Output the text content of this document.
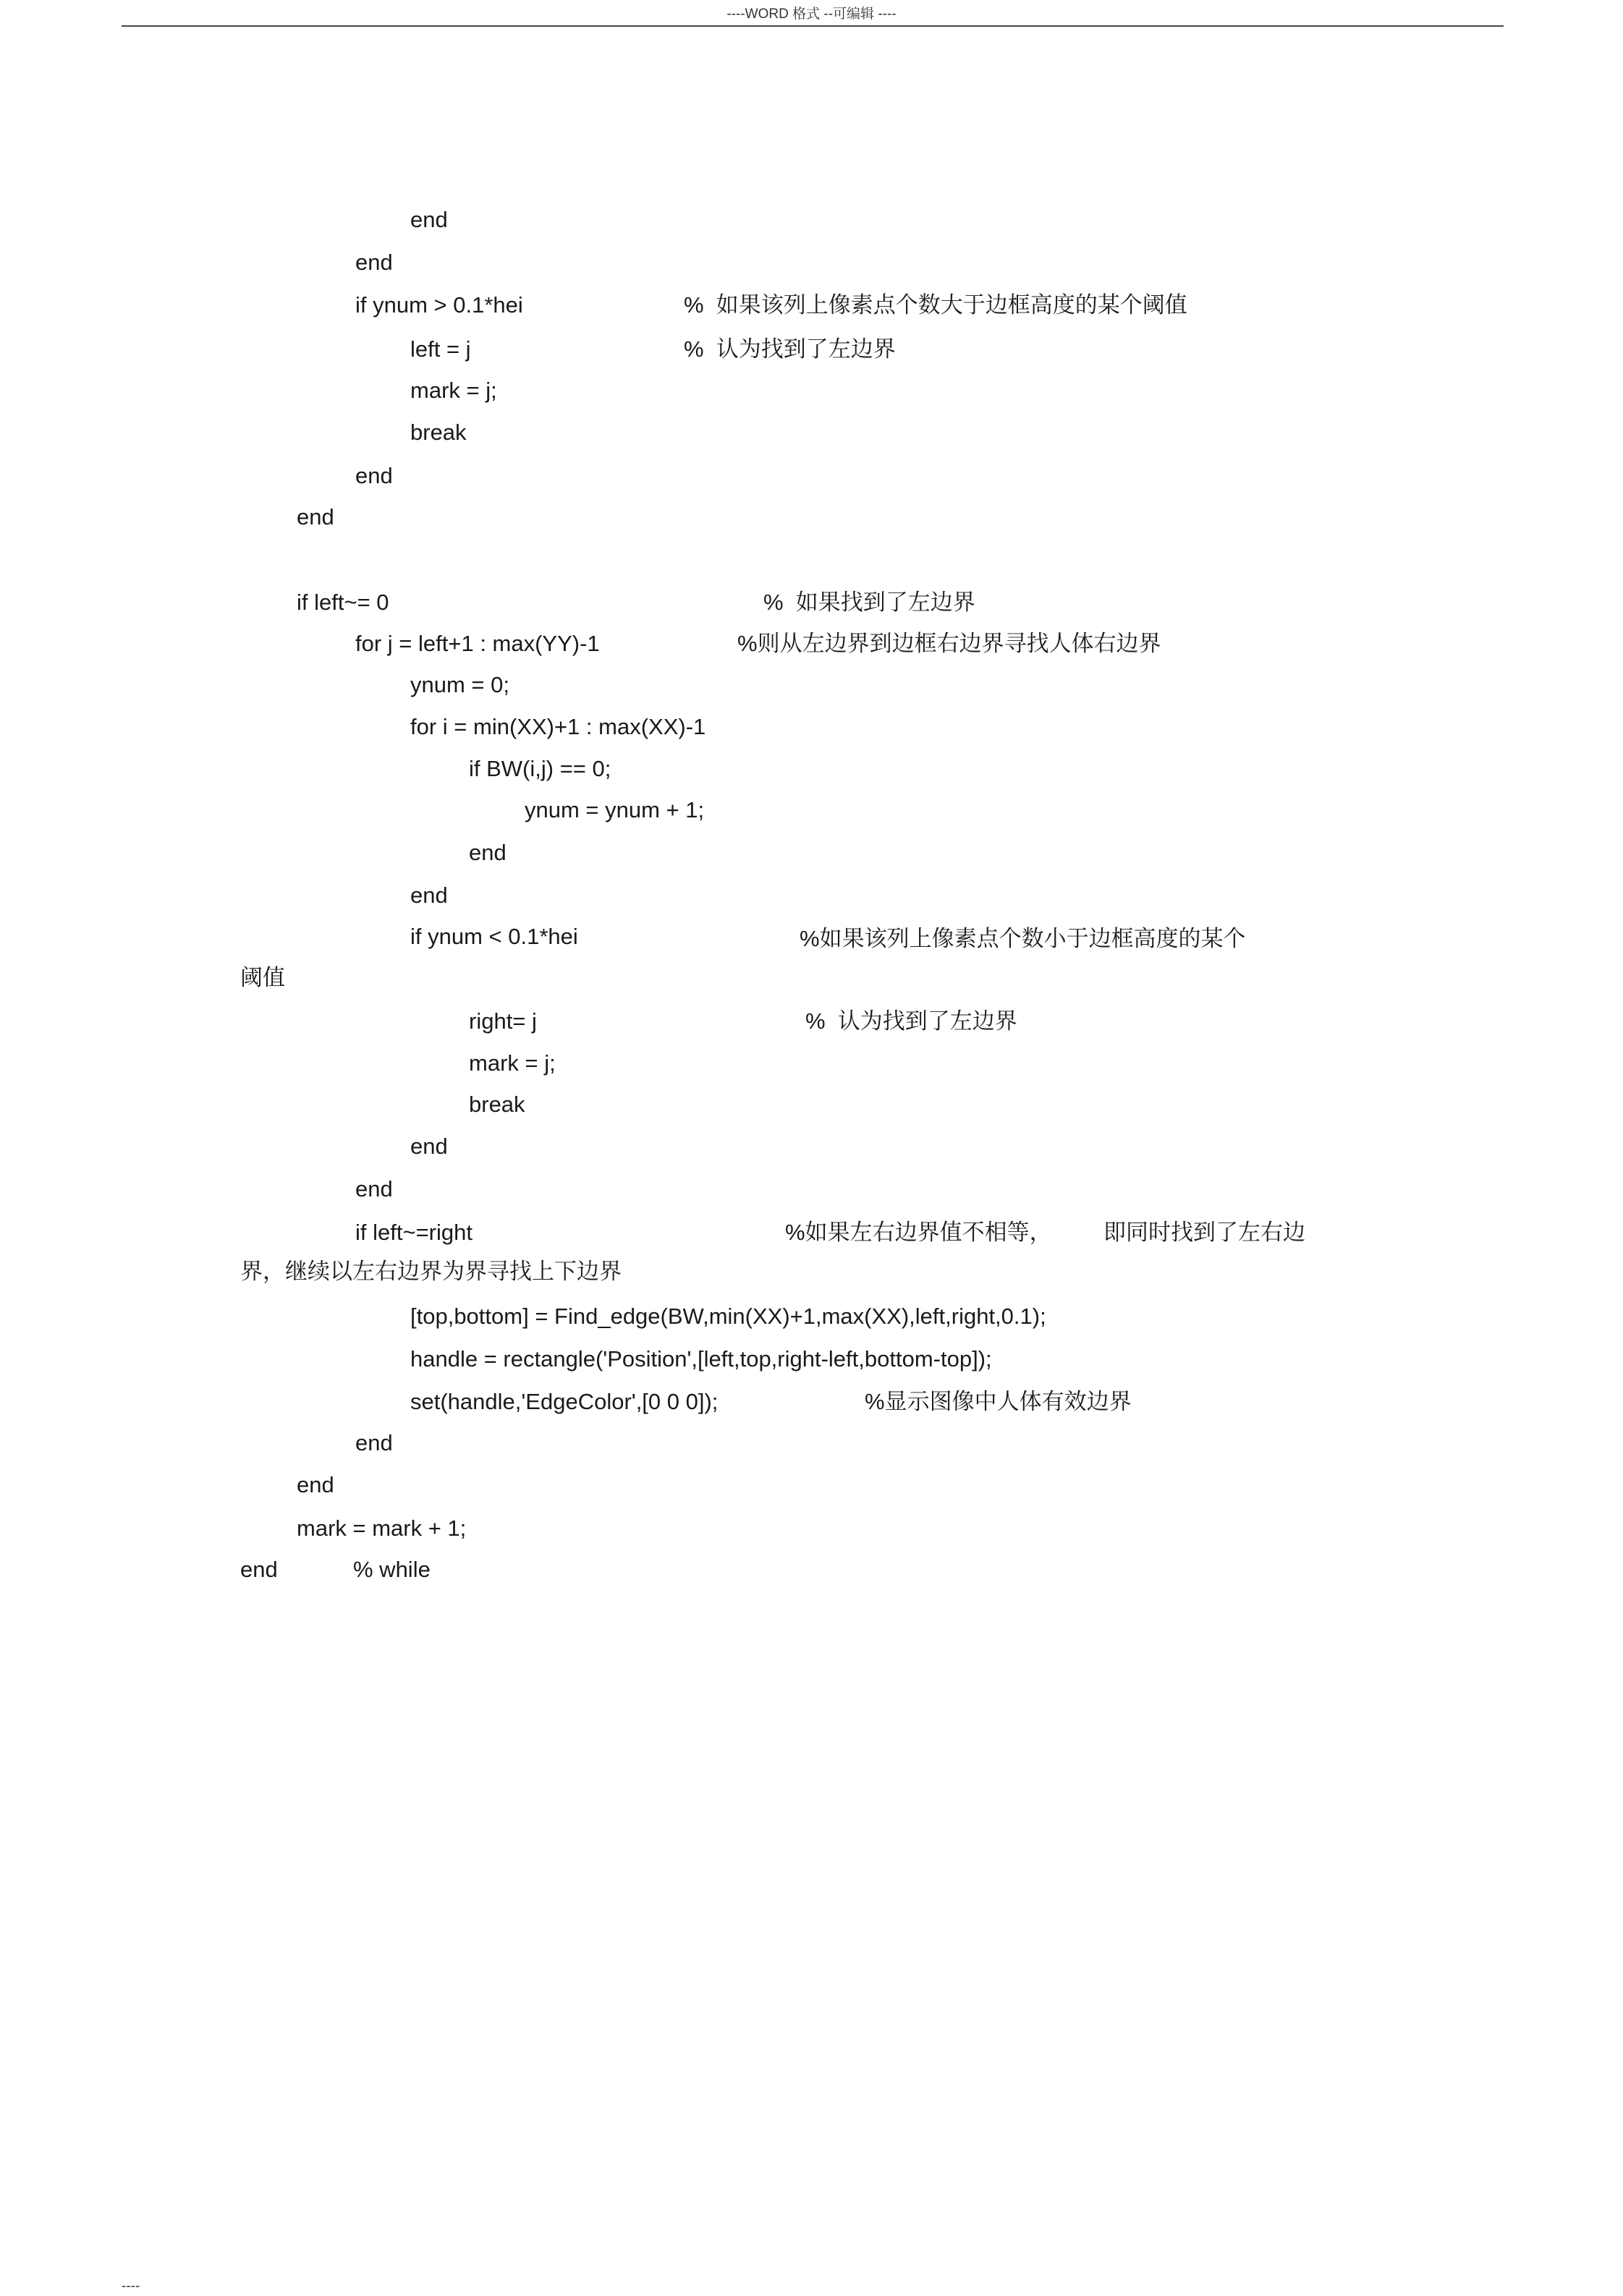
----WORD 格式 --可编辑 ----
end
end
if ynum > 0.1*hei	%  如果该列上像素点个数大于边框高度的某个阈值
left = j	%  认为找到了左边界
mark = j;
break
end
end
if left~= 0	%  如果找到了左边界
for j = left+1 : max(YY)-1	%则从左边界到边框右边界寻找人体右边界
ynum = 0;
for i = min(XX)+1 : max(XX)-1
if BW(i,j) == 0;
ynum = ynum + 1;
end
end
if ynum < 0.1*hei	%如果该列上像素点个数小于边框高度的某个
阈值
right= j	%  认为找到了左边界
mark = j;
break
end
end
if left~=right	%如果左右边界值不相等， 即同时找到了左右边
界，继续以左右边界为界寻找上下边界
[top,bottom] = Find_edge(BW,min(XX)+1,max(XX),left,right,0.1);
handle = rectangle('Position',[left,top,right-left,bottom-top]);
set(handle,'EdgeColor',[0 0 0]);	%显示图像中人体有效边界
end
end
mark = mark + 1;
end	% while
----
